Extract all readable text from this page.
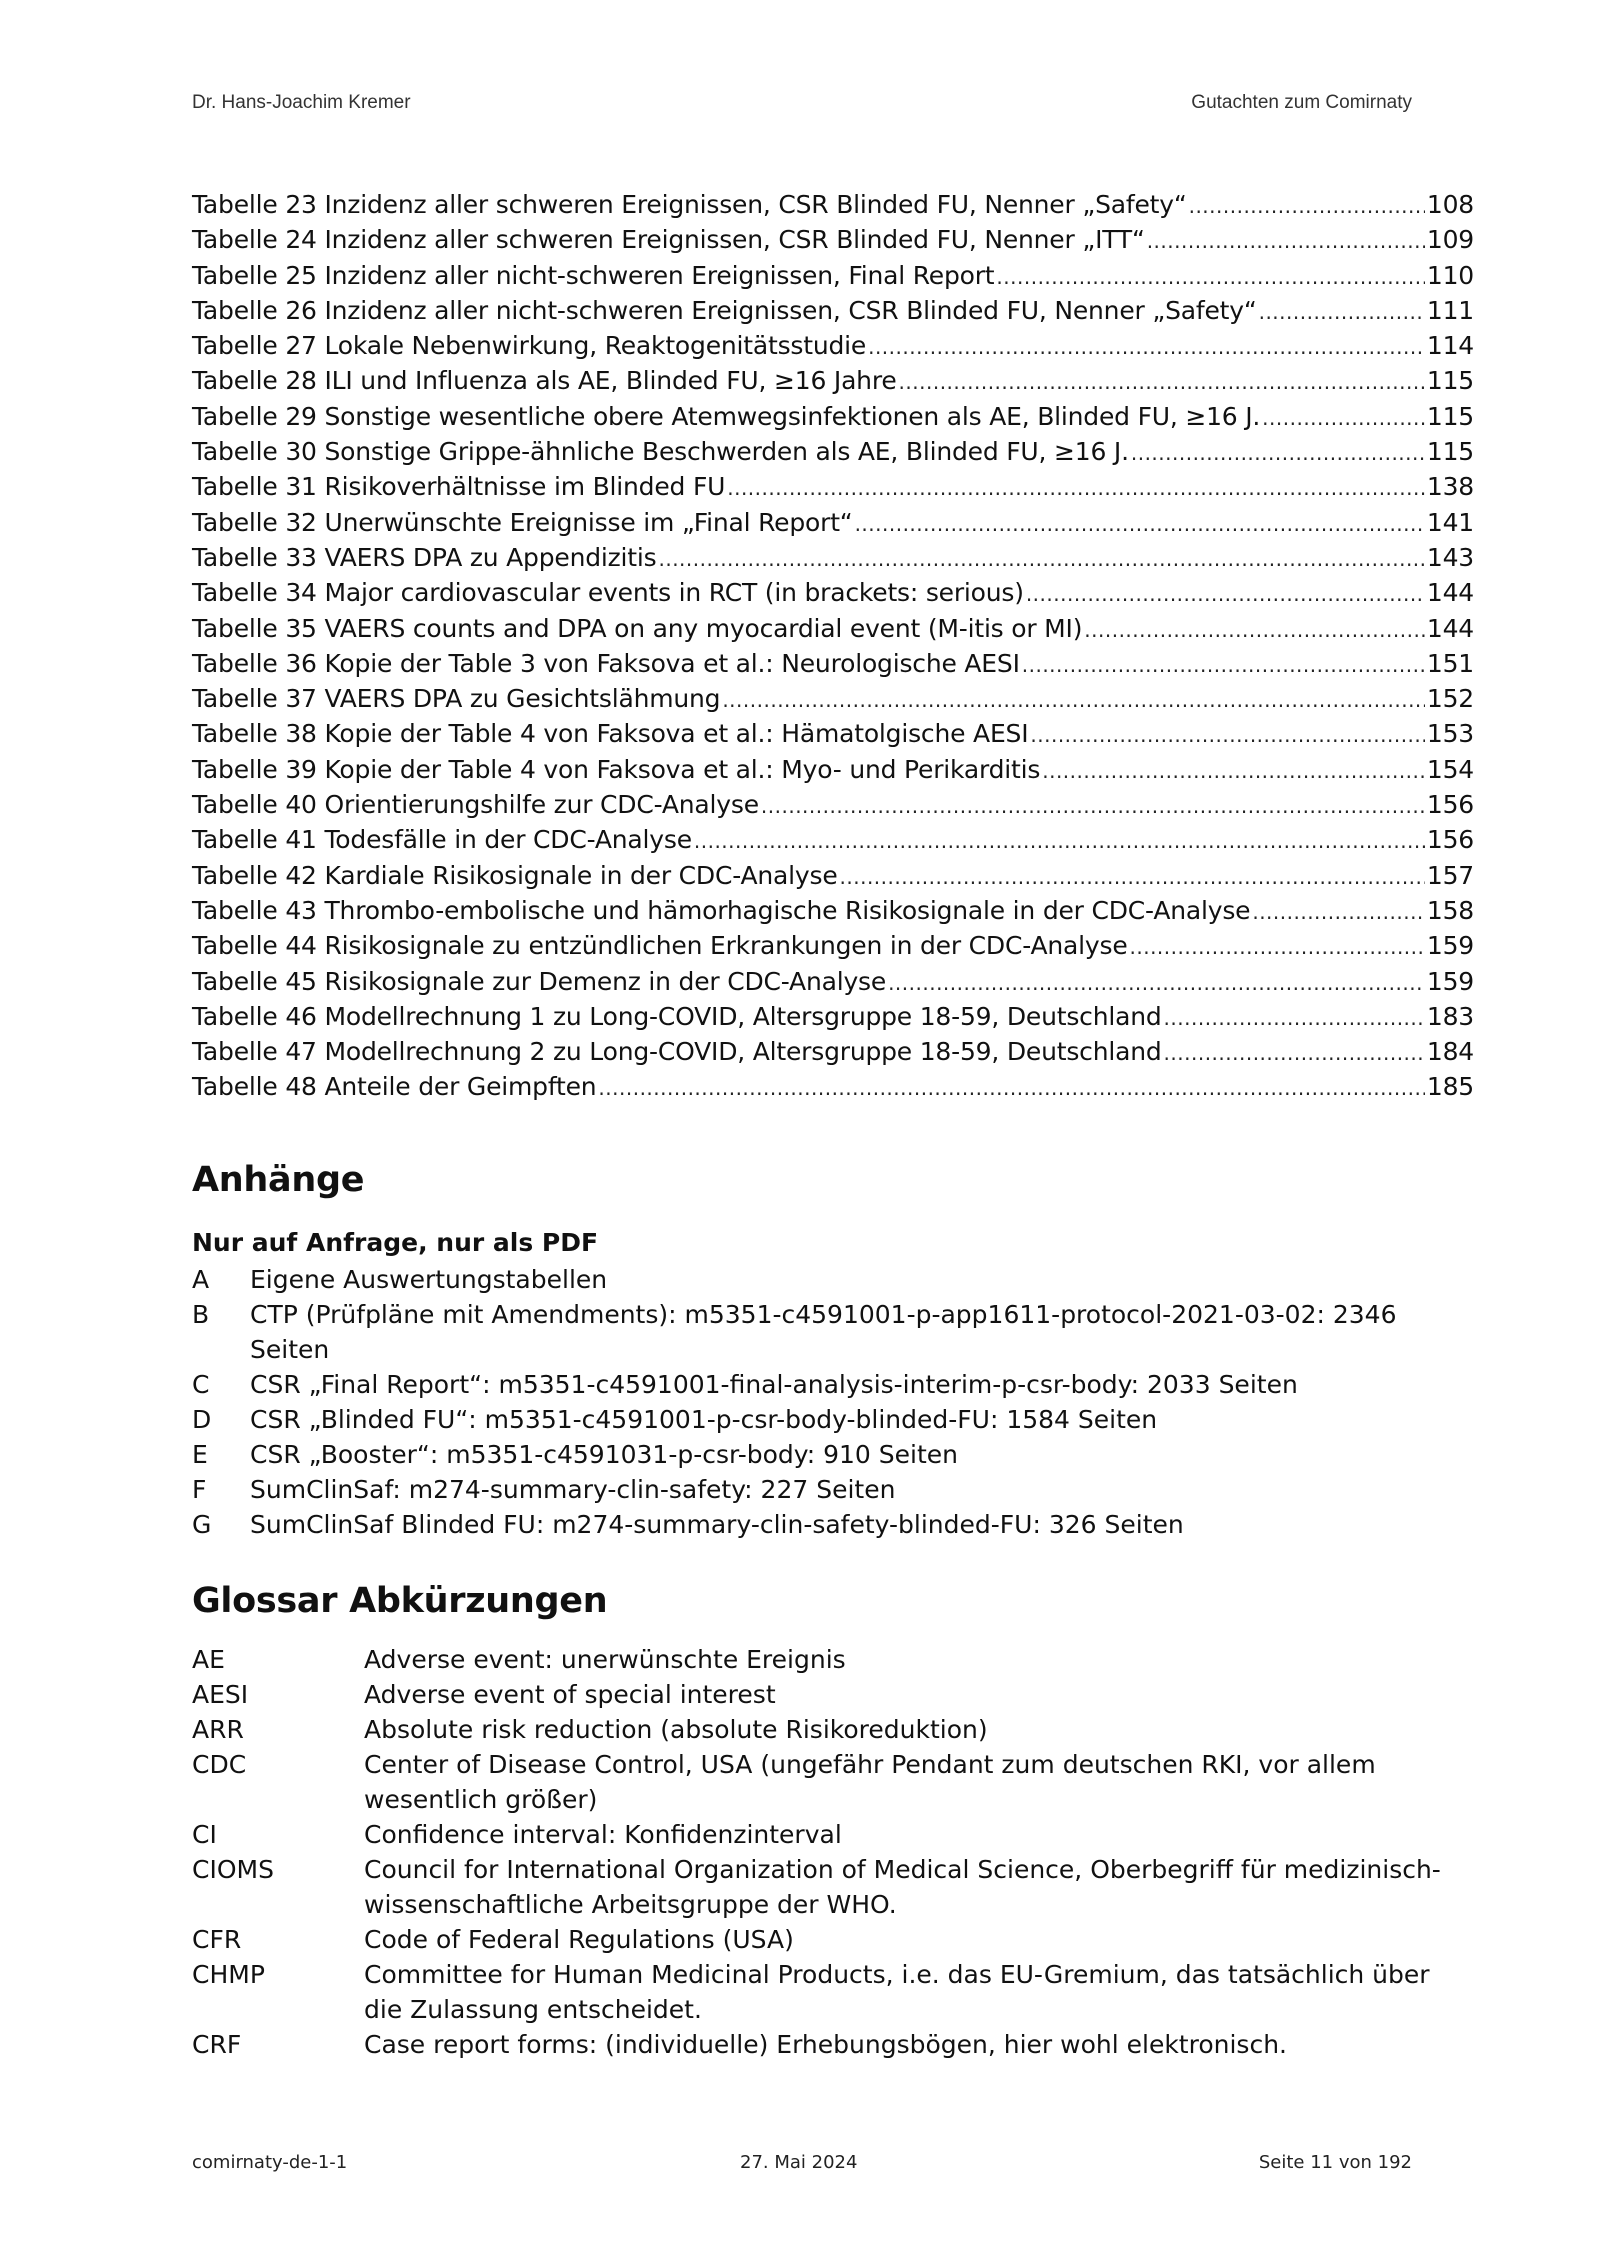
Dr. Hans-Joachim Kremer	Gutachten zum Comirnaty
Tabelle 23 Inzidenz aller schweren Ereignissen, CSR Blinded FU, Nenner „Safety“ .....	108
Tabelle 24 Inzidenz aller schweren Ereignissen, CSR Blinded FU, Nenner „ITT“ .....	109
Tabelle 25 Inzidenz aller nicht-schweren Ereignissen, Final Report .....	110
Tabelle 26 Inzidenz aller nicht-schweren Ereignissen, CSR Blinded FU, Nenner „Safety“ .....	111
Tabelle 27 Lokale Nebenwirkung, Reaktogenitätsstudie .....	114
Tabelle 28 ILI und Influenza als AE, Blinded FU, ≥16 Jahre .....	115
Tabelle 29 Sonstige wesentliche obere Atemwegsinfektionen als AE, Blinded FU, ≥16 J. .....	115
Tabelle 30 Sonstige Grippe-ähnliche Beschwerden als AE, Blinded FU, ≥16 J. .....	115
Tabelle 31 Risikoverhältnisse im Blinded FU .....	138
Tabelle 32 Unerwünschte Ereignisse im „Final Report“ .....	141
Tabelle 33 VAERS DPA zu Appendizitis .....	143
Tabelle 34 Major cardiovascular events in RCT (in brackets: serious) .....	144
Tabelle 35 VAERS counts and DPA on any myocardial event (M-itis or MI) .....	144
Tabelle 36 Kopie der Table 3 von Faksova et al.: Neurologische AESI .....	151
Tabelle 37 VAERS DPA zu Gesichtslähmung .....	152
Tabelle 38 Kopie der Table 4 von Faksova et al.: Hämatolgische AESI .....	153
Tabelle 39 Kopie der Table 4 von Faksova et al.: Myo- und Perikarditis .....	154
Tabelle 40 Orientierungshilfe zur CDC-Analyse .....	156
Tabelle 41 Todesfälle in der CDC-Analyse .....	156
Tabelle 42 Kardiale Risikosignale in der CDC-Analyse .....	157
Tabelle 43 Thrombo-embolische und hämorhagische Risikosignale in der CDC-Analyse .....	158
Tabelle 44 Risikosignale zu entzündlichen Erkrankungen in der CDC-Analyse .....	159
Tabelle 45 Risikosignale zur Demenz in der CDC-Analyse .....	159
Tabelle 46 Modellrechnung 1 zu Long-COVID, Altersgruppe 18-59, Deutschland .....	183
Tabelle 47 Modellrechnung 2 zu Long-COVID, Altersgruppe 18-59, Deutschland .....	184
Tabelle 48 Anteile der Geimpften .....	185
Anhänge
Nur auf Anfrage, nur als PDF
A	Eigene Auswertungstabellen
B	CTP (Prüfpläne mit Amendments): m5351-c4591001-p-app1611-protocol-2021-03-02: 2346 Seiten
C	CSR „Final Report“: m5351-c4591001-final-analysis-interim-p-csr-body: 2033 Seiten
D	CSR „Blinded FU“: m5351-c4591001-p-csr-body-blinded-FU: 1584 Seiten
E	CSR „Booster“: m5351-c4591031-p-csr-body: 910 Seiten
F	SumClinSaf: m274-summary-clin-safety: 227 Seiten
G	SumClinSaf Blinded FU: m274-summary-clin-safety-blinded-FU: 326 Seiten
Glossar Abkürzungen
AE	Adverse event: unerwünschte Ereignis
AESI	Adverse event of special interest
ARR	Absolute risk reduction (absolute Risikoreduktion)
CDC	Center of Disease Control, USA (ungefähr Pendant zum deutschen RKI, vor allem wesentlich größer)
CI	Confidence interval: Konfidenzinterval
CIOMS	Council for International Organization of Medical Science, Oberbegriff für medizinisch-wissenschaftliche Arbeitsgruppe der WHO.
CFR	Code of Federal Regulations (USA)
CHMP	Committee for Human Medicinal Products, i.e. das EU-Gremium, das tatsächlich über die Zulassung entscheidet.
CRF	Case report forms: (individuelle) Erhebungsbögen, hier wohl elektronisch.
comirnaty-de-1-1	27. Mai 2024	Seite 11 von 192
